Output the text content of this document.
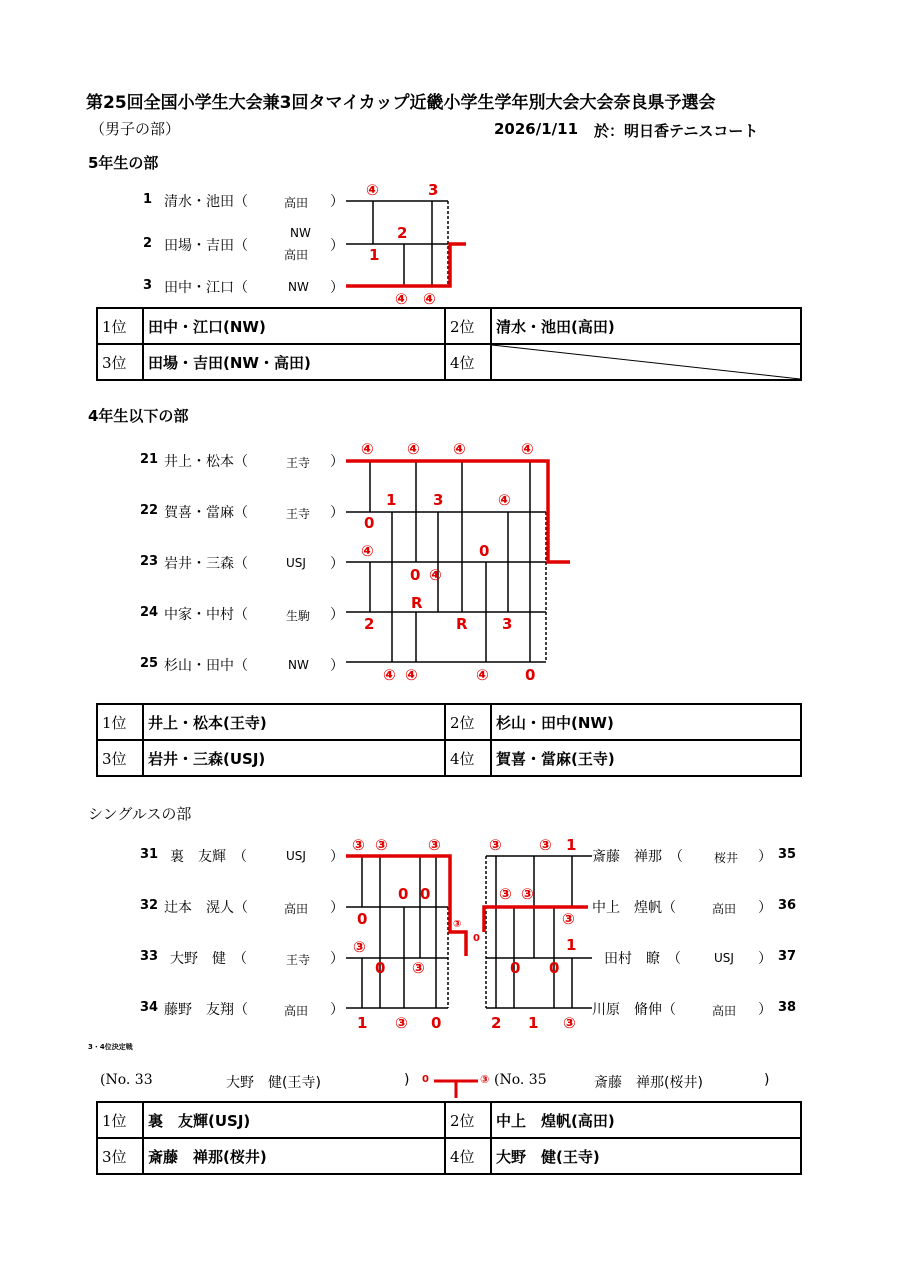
第25回全国小学生大会兼3回タマイカップ近畿小学生学年別大会大会奈良県予選会
（男子の部）	2026/1/11 於：明日香テニスコート
5年生の部
1 清水・池田（	高田 ）
2 田場・吉田（
NW
高田
）
3 田中・江口（	NW ）
④	3
2
1
④ ④
1位	田中・江口(NW)	2位	清水・池田(高田)
3位	田場・吉田(NW・高田)	4位	
4年生以下の部
21 井上・松本（	王寺 ）
22 賀喜・當麻（	王寺 ）
23 岩井・三森（	USJ ）
24 中家・中村（	生駒 ）
25 杉山・田中（	NW ）
④ ④ ④	④
0
1 3	④
④	0
0 ④
R
2	R 3
④ ④	④ 0
1位	井上・松本(王寺)	2位	杉山・田中(NW)
3位	岩井・三森(USJ)	4位	賀喜・當麻(王寺)
シングルスの部
31 裏　友輝　（	USJ ）
32 辻本　滉人（	高田 ）
33 大野　健　（	王寺 ）
34 藤野　友翔（	高田 ）
斎藤　禅那　（	桜井 ） 35
中上　煌帆（	高田 ） 36
田村　瞭　（	USJ ） 37
川原　脩伸（	高田 ） 38
③ ③	③
0 0
0
③
0 ③
1 ③ 0
③ ③ 1
③ ③
③
1
0 0
2 1 ③
③
0
3・4位決定戦
(No. 33	大野　健(王寺)	) 0	③ (No. 35	斎藤　禅那(桜井)	)
1位	裏　友輝(USJ)	2位	中上　煌帆(高田)
3位	斎藤　禅那(桜井)	4位	大野　健(王寺)
